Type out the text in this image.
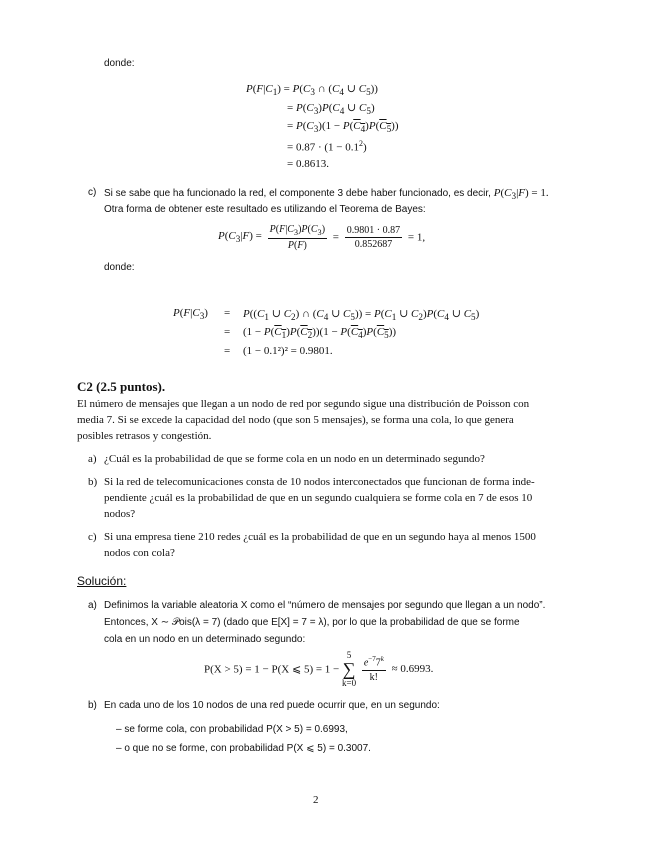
donde:
$P(F|C_1) = P(C_3$ ∩ ($C_4$ ∪ $C_5$))
= $P(C_3)P(C_4$ ∪ $C_5$)
= $P(C_3)(1 - P(C_4)P(C_5))$
= $0.87 \cdot (1 - 0.1^2)$
= 0.8613.
c) Si se sabe que ha funcionado la red, el componente 3 debe haber funcionado, es decir, $P(C_3|F) = 1$.
Otra forma de obtener este resultado es utilizando el Teorema de Bayes:
$P(C_3|F) = \frac{P(F|C_3)P(C_3)}{P(F)} = \frac{0.9801 \cdot 0.87}{0.852687} = 1$,
donde:
$P(F|C_3) = P((C_1$ ∪ $C_2$) ∩ ($C_4$ ∪ $C_5)) = P(C_1$ ∪ $C_2)P(C_4$ ∪ $C_5$)
= $(1 - P(C_1)P(C_2))(1 - P(C_4)P(C_5))$
= (1 − 0.1²)² = 0.9801.
C2 (2.5 puntos).
El número de mensajes que llegan a un nodo de red por segundo sigue una distribución de Poisson con
media 7. Si se excede la capacidad del nodo (que son 5 mensajes), se forma una cola, lo que genera
posibles retrasos y congestión.
a) ¿Cuál es la probabilidad de que se forme cola en un nodo en un determinado segundo?
b) Si la red de telecomunicaciones consta de 10 nodos interconectados que funcionan de forma inde-
pendiente ¿cuál es la probabilidad de que en un segundo cualquiera se forme cola en 7 de esos 10
nodos?
c) Si una empresa tiene 210 redes ¿cuál es la probabilidad de que en un segundo haya al menos 1500
nodos con cola?
Solución:
a) Definimos la variable aleatoria X como el “número de mensajes por segundo que llegan a un nodo”.
Entonces, X ∼ 𝒫ois(λ = 7) (dado que E[X] = 7 = λ), por lo que la probabilidad de que se forme
cola en un nodo en un determinado segundo:
P(X > 5) = 1 − P(X ⩽ 5) = 1 −
5
∑
k=0

$\frac{e^{-7}7^k}{k!} \approx 0.6993$.
b) En cada uno de los 10 nodos de una red puede ocurrir que, en un segundo:
– se forme cola, con probabilidad P(X > 5) = 0.6993,
– o que no se forme, con probabilidad P(X ⩽ 5) = 0.3007.
2
